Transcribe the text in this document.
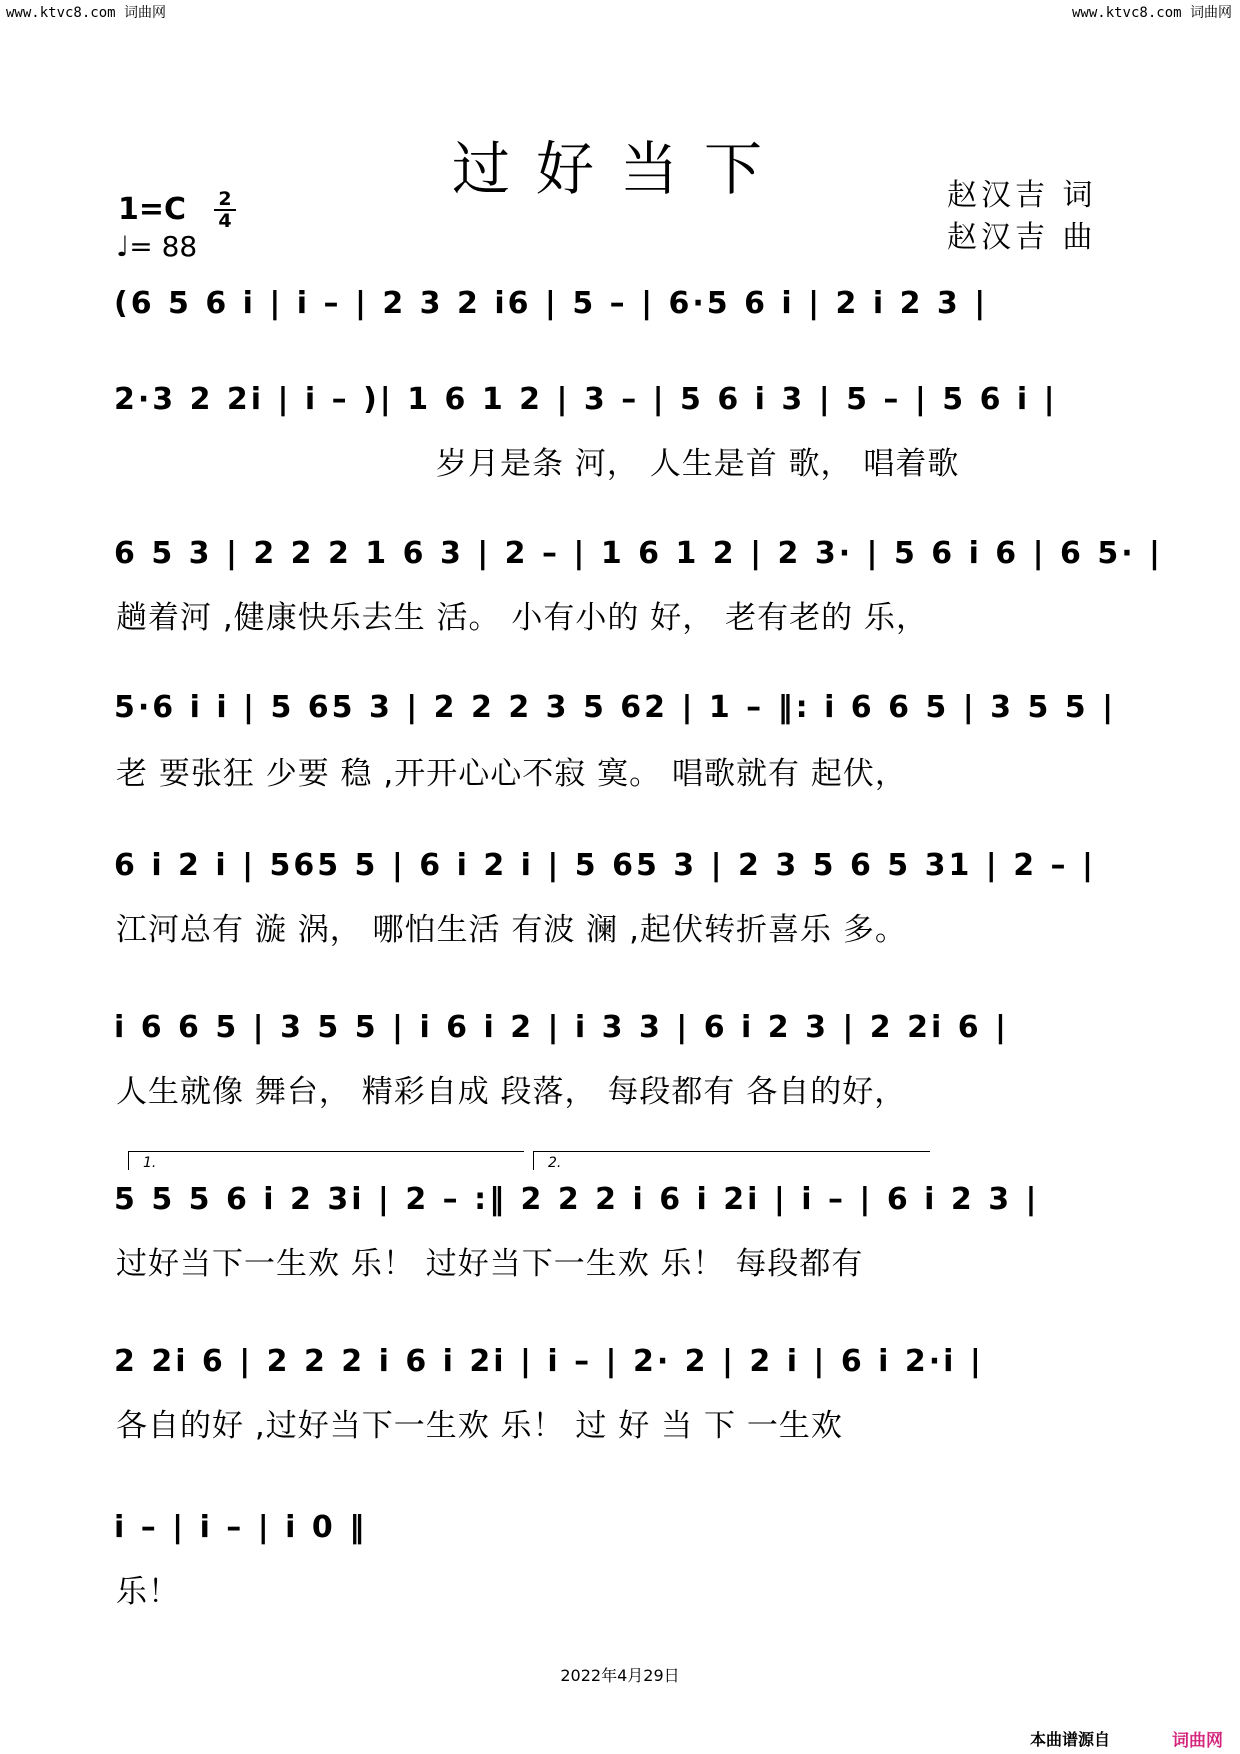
www.ktvc8.com 词曲网	www.ktvc8.com 词曲网
过好当下	赵汉吉 词
赵汉吉 曲
$1=C \frac{2}{4}$
♩= 88
(6 5 6 i | i – | 2 3 2 i6 | 5 – | 6·5 6 i | 2 i 2 3 |
2·3 2 2i | i – )| 1 6 1 2 | 3 – | 5 6 i 3 | 5 – | 5 6 i |
岁月是条 河， 人生是首 歌， 唱着歌
6 5 3 | 2 2 2 1 6 3 | 2 – | 1 6 1 2 | 2 3· | 5 6 i 6 | 6 5· |
趟着河 ,健康快乐去生 活。 小有小的 好， 老有老的 乐，
5·6 i i | 5 65 3 | 2 2 2 3 5 62 | 1 – ‖: i 6 6 5 | 3 5 5 |
老 要张狂 少要 稳 ,开开心心不寂 寞。 唱歌就有 起伏，
6 i 2 i | 565 5 | 6 i 2 i | 5 65 3 | 2 3 5 6 5 31 | 2 – |
江河总有 漩 涡， 哪怕生活 有波 澜 ,起伏转折喜乐 多。
i 6 6 5 | 3 5 5 | i 6 i 2 | i 3 3 | 6 i 2 3 | 2 2i 6 |
人生就像 舞台， 精彩自成 段落， 每段都有 各自的好，
1.	2.
5 5 5 6 i 2 3i | 2 – :‖ 2 2 2 i 6 i 2i | i – | 6 i 2 3 |
过好当下一生欢 乐！ 过好当下一生欢 乐！ 每段都有
2 2i 6 | 2 2 2 i 6 i 2i | i – | 2· 2 | 2 i | 6 i 2·i |
各自的好 ,过好当下一生欢 乐！ 过 好 当 下 一生欢
i – | i – | i 0 ‖
乐！
2022年4月29日
本曲谱源自	词曲网
